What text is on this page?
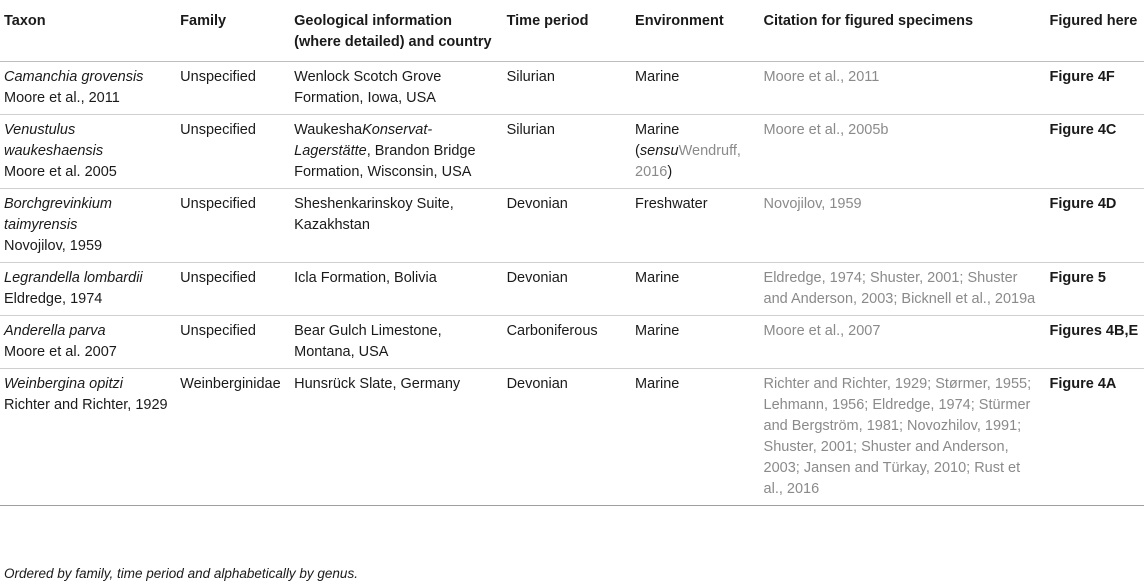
Taxon	Family	Geological information (where detailed) and country	Time period	Environment	Citation for figured specimens	Figured here

Camanchia grovensis
Moore et al., 2011	Unspecified	Wenlock Scotch Grove Formation, Iowa, USA	Silurian	Marine	Moore et al., 2011	Figure 4F

Venustulus waukeshaensis
Moore et al. 2005	Unspecified	WaukeshaKonservat-Lagerstätte, Brandon Bridge Formation, Wisconsin, USA	Silurian	Marine (sensuWendruff, 2016)	Moore et al., 2005b	Figure 4C

Borchgrevinkium taimyrensis
Novojilov, 1959	Unspecified	Sheshenkarinskoy Suite, Kazakhstan	Devonian	Freshwater	Novojilov, 1959	Figure 4D

Legrandella lombardii
Eldredge, 1974	Unspecified	Icla Formation, Bolivia	Devonian	Marine	Eldredge, 1974; Shuster, 2001; Shuster and Anderson, 2003; Bicknell et al., 2019a	Figure 5

Anderella parva
Moore et al. 2007	Unspecified	Bear Gulch Limestone, Montana, USA	Carboniferous	Marine	Moore et al., 2007	Figures 4B,E

Weinbergina opitzi
Richter and Richter, 1929	Weinberginidae	Hunsrück Slate, Germany	Devonian	Marine	Richter and Richter, 1929; Størmer, 1955; Lehmann, 1956; Eldredge, 1974; Stürmer and Bergström, 1981; Novozhilov, 1991; Shuster, 2001; Shuster and Anderson, 2003; Jansen and Türkay, 2010; Rust et al., 2016	Figure 4A
Ordered by family, time period and alphabetically by genus.
